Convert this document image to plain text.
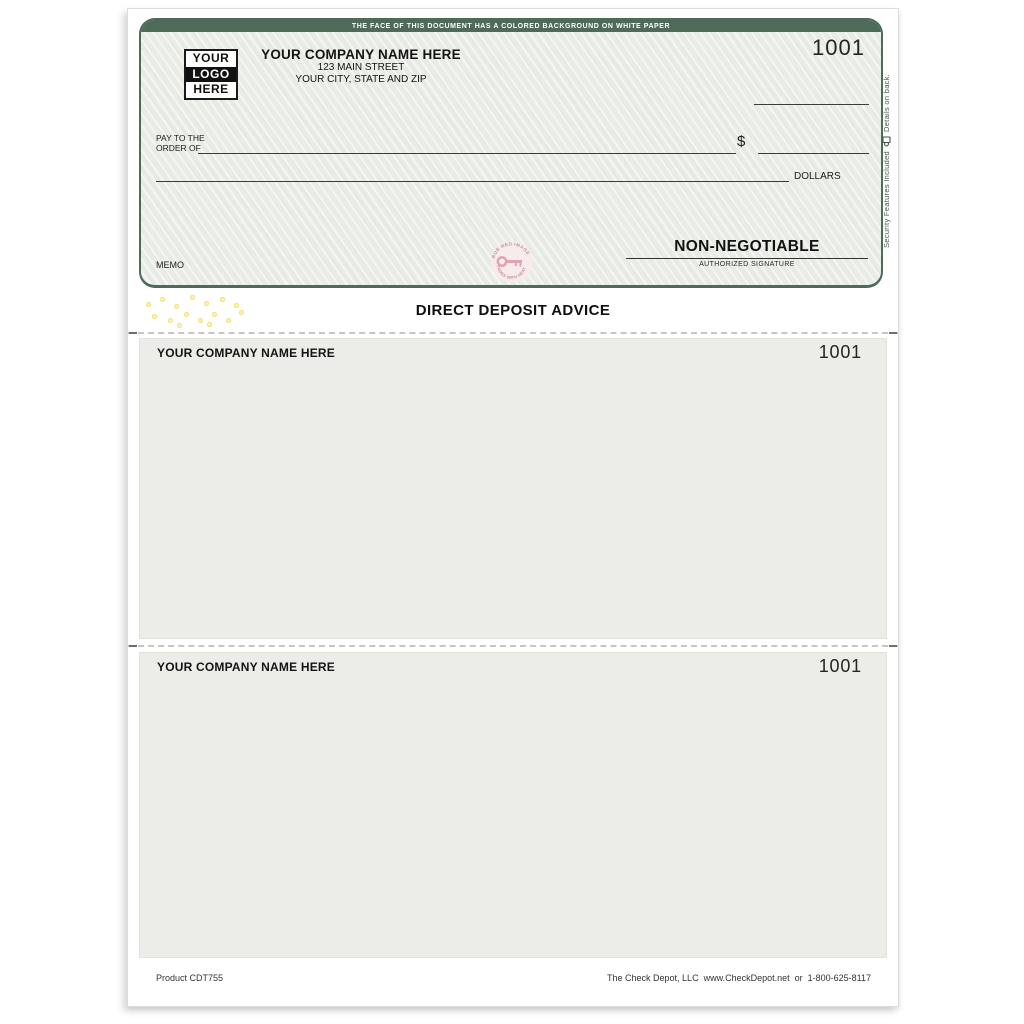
THE FACE OF THIS DOCUMENT HAS A COLORED BACKGROUND ON WHITE PAPER
YOUR
LOGO
HERE
YOUR COMPANY NAME HERE
123 MAIN STREET
YOUR CITY, STATE AND ZIP
1001
PAY TO THE
ORDER OF	$
DOLLARS
RUB RED IMAGE
FADES WITH HEAT
MEMO
NON-NEGOTIABLE
AUTHORIZED SIGNATURE
Security Features Included
Details on back.
DIRECT DEPOSIT ADVICE
YOUR COMPANY NAME HERE	1001
YOUR COMPANY NAME HERE	1001
Product CDT755	The Check Depot, LLC  www.CheckDepot.net  or  1-800-625-8117
